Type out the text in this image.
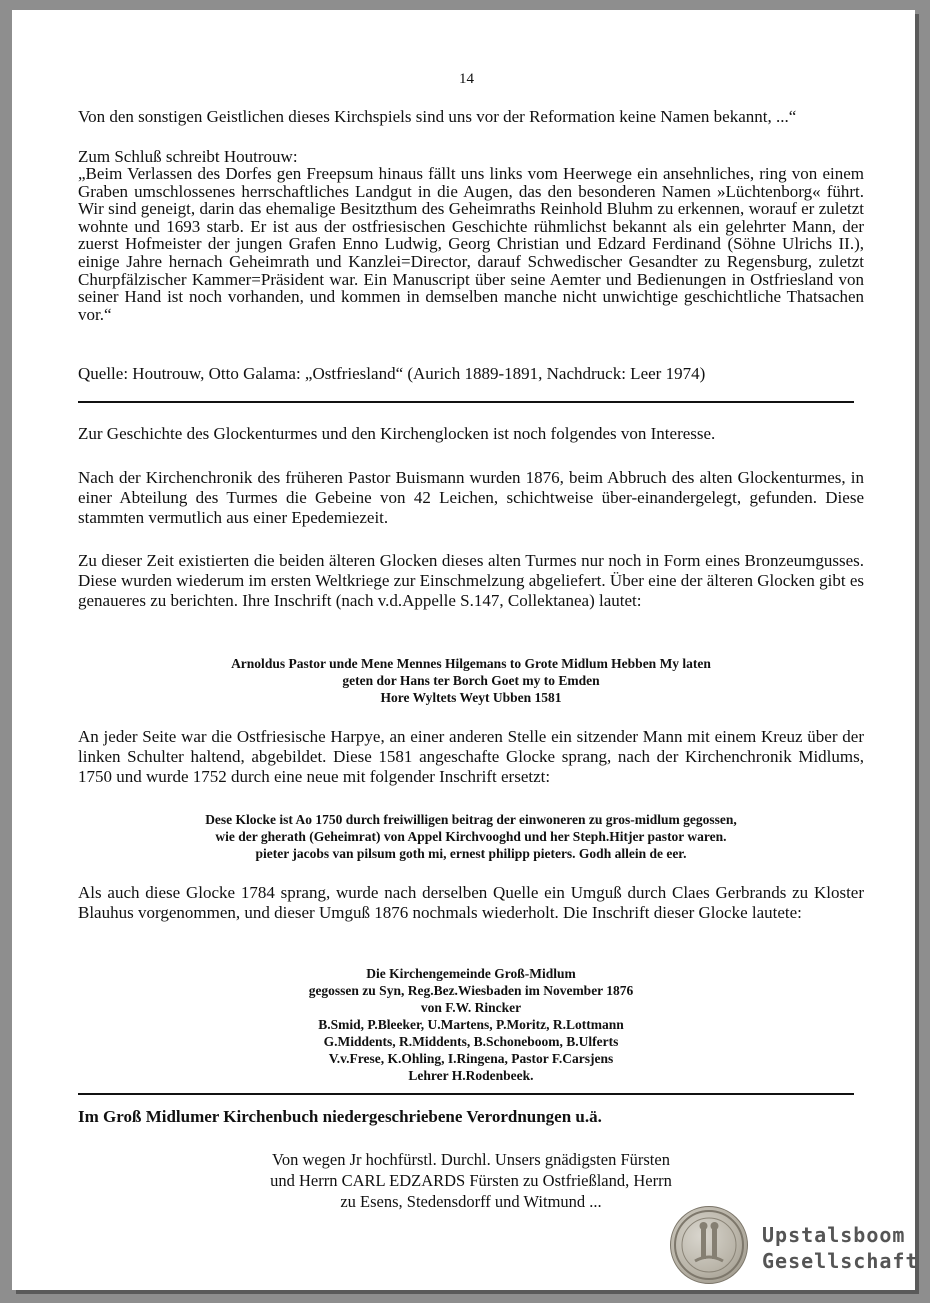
14

Von den sonstigen Geistlichen dieses Kirchspiels sind uns vor der Reformation keine Namen bekannt, ...“

Zum Schluß schreibt Houtrouw:

„Beim Verlassen des Dorfes gen Freepsum hinaus fällt uns links vom Heerwege ein ansehnliches, ring von einem Graben umschlossenes herrschaftliches Landgut in die Augen, das den besonderen Namen »Lüchtenborg« führt. Wir sind geneigt, darin das ehemalige Besitzthum des Geheimraths Reinhold Bluhm zu erkennen, worauf er zuletzt wohnte und 1693 starb. Er ist aus der ostfriesischen Geschichte rühmlichst bekannt als ein gelehrter Mann, der zuerst Hofmeister der jungen Grafen Enno Ludwig, Georg Christian und Edzard Ferdinand (Söhne Ulrichs II.), einige Jahre hernach Geheimrath und Kanzlei=Director, darauf Schwedischer Gesandter zu Regensburg, zuletzt Churpfälzischer Kammer=Präsident war. Ein Manuscript über seine Aemter und Bedienungen in Ostfriesland von seiner Hand ist noch vorhanden, und kommen in demselben manche nicht unwichtige geschichtliche Thatsachen vor.“

Quelle: Houtrouw, Otto Galama: „Ostfriesland“ (Aurich 1889-1891, Nachdruck: Leer 1974)

Zur Geschichte des Glockenturmes und den Kirchenglocken ist noch folgendes von Interesse.

Nach der Kirchenchronik des früheren Pastor Buismann wurden 1876, beim Abbruch des alten Glockenturmes, in einer Abteilung des Turmes die Gebeine von 42 Leichen, schichtweise über-einandergelegt, gefunden. Diese stammten vermutlich aus einer Epedemiezeit.

Zu dieser Zeit existierten die beiden älteren Glocken dieses alten Turmes nur noch in Form eines Bronzeumgusses. Diese wurden wiederum im ersten Weltkriege zur Einschmelzung abgeliefert. Über eine der älteren Glocken gibt es genaueres zu berichten. Ihre Inschrift (nach v.d.Appelle S.147, Collektanea) lautet:

Arnoldus Pastor unde Mene Mennes Hilgemans to Grote Midlum Hebben My laten
geten dor Hans ter Borch Goet my to Emden
Hore Wyltets Weyt Ubben 1581

An jeder Seite war die Ostfriesische Harpye, an einer anderen Stelle ein sitzender Mann mit einem Kreuz über der linken Schulter haltend, abgebildet. Diese 1581 angeschafte Glocke sprang, nach der Kirchenchronik Midlums, 1750 und wurde 1752 durch eine neue mit folgender Inschrift ersetzt:

Dese Klocke ist Ao 1750 durch freiwilligen beitrag der einwoneren zu gros-midlum gegossen,
wie der gherath (Geheimrat) von Appel Kirchvooghd und her Steph.Hitjer pastor waren.
pieter jacobs van pilsum goth mi, ernest philipp pieters. Godh allein de eer.

Als auch diese Glocke 1784 sprang, wurde nach derselben Quelle ein Umguß durch Claes Gerbrands zu Kloster Blauhus vorgenommen, und dieser Umguß 1876 nochmals wiederholt. Die Inschrift dieser Glocke lautete:

Die Kirchengemeinde Groß-Midlum
gegossen zu Syn, Reg.Bez.Wiesbaden im November 1876
von F.W. Rincker
B.Smid, P.Bleeker, U.Martens, P.Moritz, R.Lottmann
G.Middents, R.Middents, B.Schoneboom, B.Ulferts
V.v.Frese, K.Ohling, I.Ringena, Pastor F.Carsjens
Lehrer H.Rodenbeek.
Im Groß Midlumer Kirchenbuch niedergeschriebene Verordnungen u.ä.
Von wegen Jr hochfürstl. Durchl. Unsers gnädigsten Fürsten
und Herrn CARL EDZARDS Fürsten zu Ostfrießland, Herrn
zu Esens, Stedensdorff und Witmund ...
Upstalsboom
Gesellschaft
